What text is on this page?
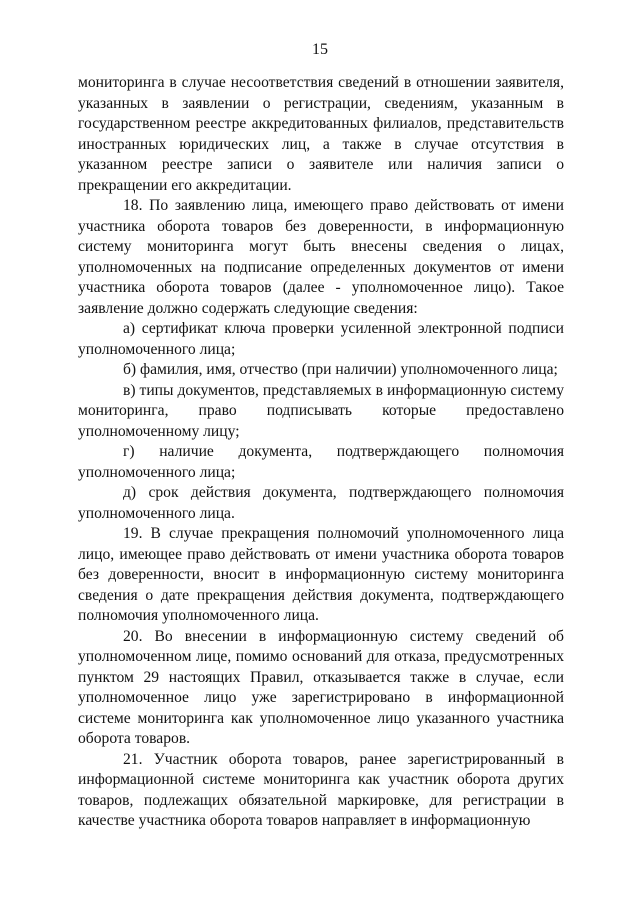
15

мониторинга в случае несоответствия сведений в отношении заявителя, указанных в заявлении о регистрации, сведениям, указанным в государственном реестре аккредитованных филиалов, представительств иностранных юридических лиц, а также в случае отсутствия в указанном реестре записи о заявителе или наличия записи о прекращении его аккредитации.

18. По заявлению лица, имеющего право действовать от имени участника оборота товаров без доверенности, в информационную систему мониторинга могут быть внесены сведения о лицах, уполномоченных на подписание определенных документов от имени участника оборота товаров (далее - уполномоченное лицо). Такое заявление должно содержать следующие сведения:

а) сертификат ключа проверки усиленной электронной подписи уполномоченного лица;

б) фамилия, имя, отчество (при наличии) уполномоченного лица;

в) типы документов, представляемых в информационную систему мониторинга, право подписывать которые предоставлено уполномоченному лицу;

г) наличие документа, подтверждающего полномочия уполномоченного лица;

д) срок действия документа, подтверждающего полномочия уполномоченного лица.

19. В случае прекращения полномочий уполномоченного лица лицо, имеющее право действовать от имени участника оборота товаров без доверенности, вносит в информационную систему мониторинга сведения о дате прекращения действия документа, подтверждающего полномочия уполномоченного лица.

20. Во внесении в информационную систему сведений об уполномоченном лице, помимо оснований для отказа, предусмотренных пунктом 29 настоящих Правил, отказывается также в случае, если уполномоченное лицо уже зарегистрировано в информационной системе мониторинга как уполномоченное лицо указанного участника оборота товаров.

21. Участник оборота товаров, ранее зарегистрированный в информационной системе мониторинга как участник оборота других товаров, подлежащих обязательной маркировке, для регистрации в качестве участника оборота товаров направляет в информационную
